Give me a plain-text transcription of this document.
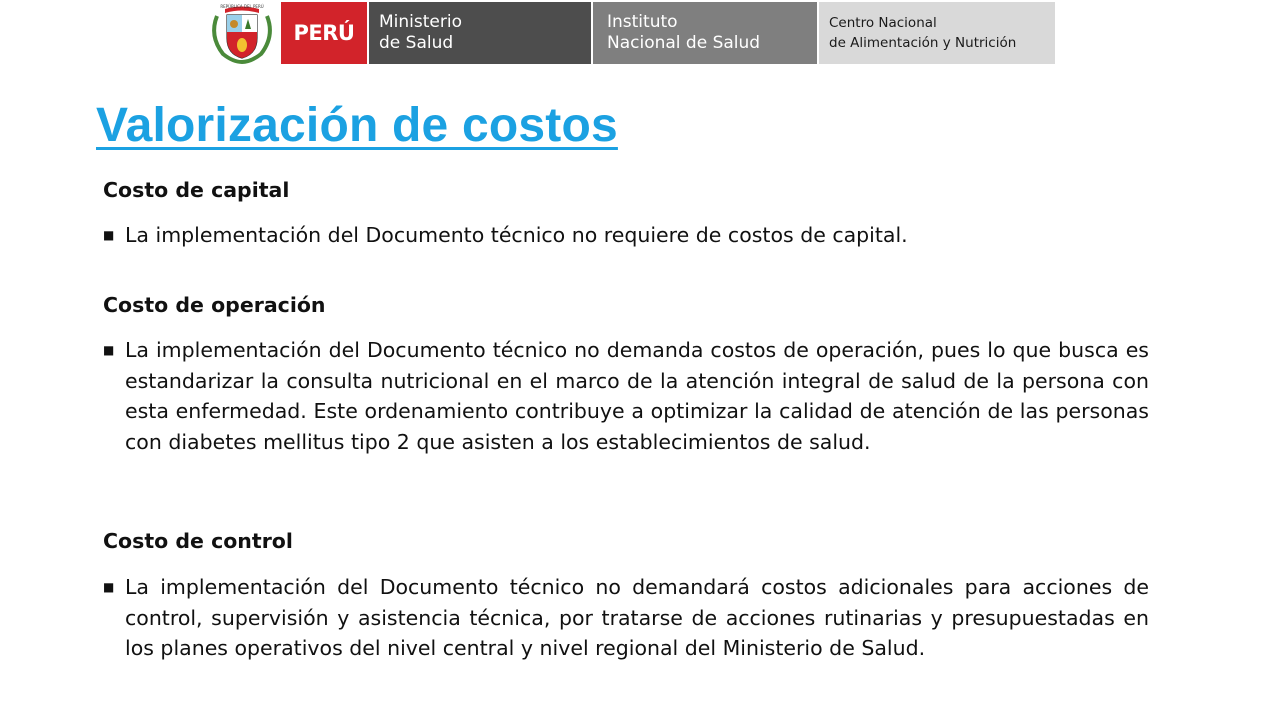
REPÚBLICA DEL PERÚ
PERÚ Ministerio
de Salud
Instituto
Nacional de Salud
Centro Nacional
de Alimentación y Nutrición
Valorización de costos
Costo de capital
■ La implementación del Documento técnico no requiere de costos de capital.
Costo de operación
■ La implementación del Documento técnico no demanda costos de operación, pues lo que busca es estandarizar la consulta nutricional en el marco de la atención integral de salud de la persona con esta enfermedad. Este ordenamiento contribuye a optimizar la calidad de atención de las personas con diabetes mellitus tipo 2 que asisten a los establecimientos de salud.
Costo de control
■ La implementación del Documento técnico no demandará costos adicionales para acciones de control, supervisión y asistencia técnica, por tratarse de acciones rutinarias y presupuestadas en los planes operativos del nivel central y nivel regional del Ministerio de Salud.
